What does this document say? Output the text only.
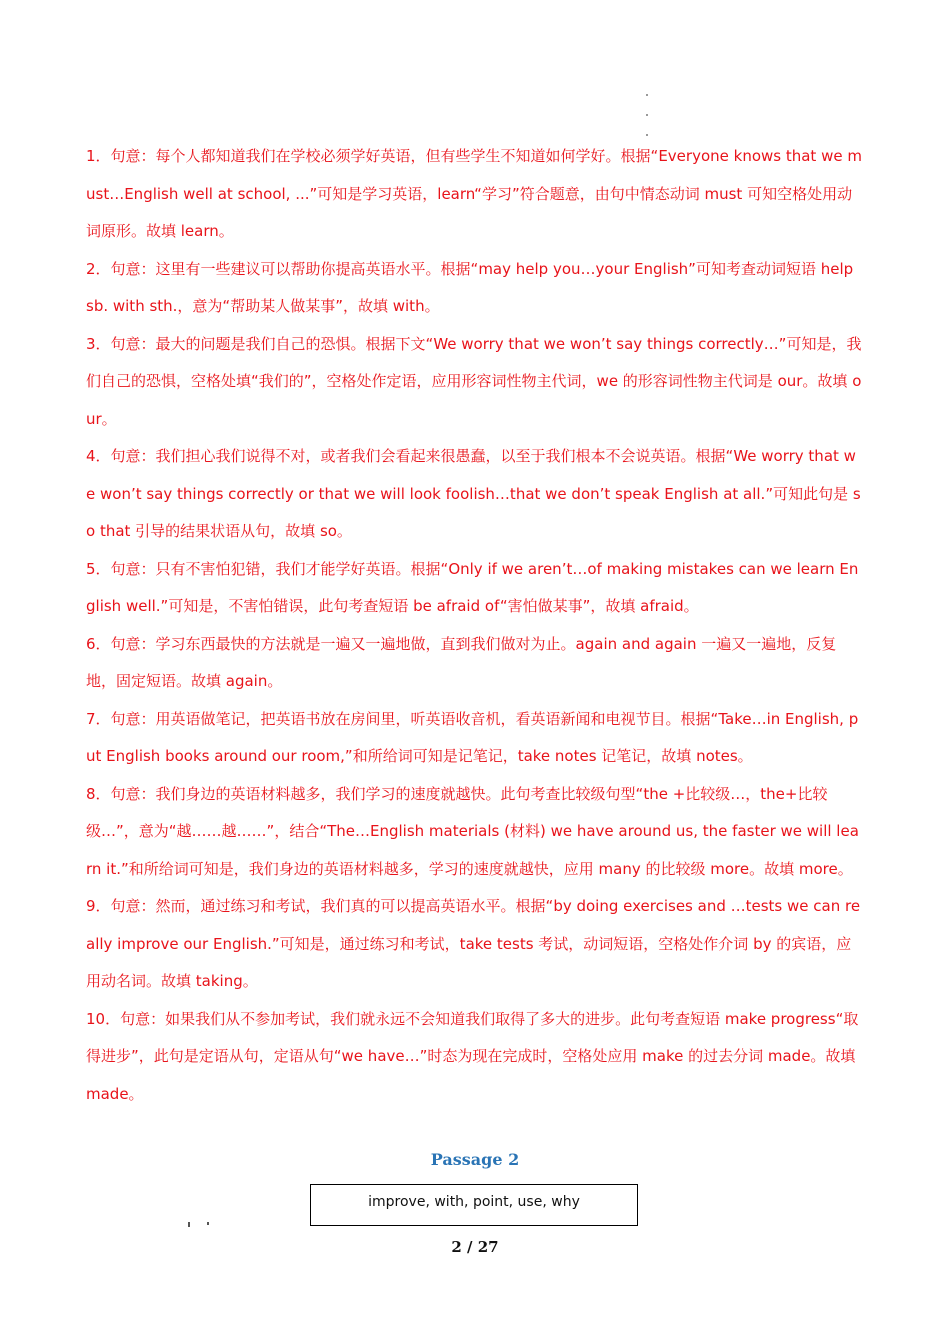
1．句意：每个人都知道我们在学校必须学好英语，但有些学生不知道如何学好。根据“Everyone knows that we must…English well at school, ...”可知是学习英语，learn“学习”符合题意，由句中情态动词 must 可知空格处用动词原形。故填 learn。

2．句意：这里有一些建议可以帮助你提高英语水平。根据“may help you…your English”可知考查动词短语 help sb. with sth.，意为“帮助某人做某事”，故填 with。

3．句意：最大的问题是我们自己的恐惧。根据下文“We worry that we won’t say things correctly…”可知是，我们自己的恐惧，空格处填“我们的”，空格处作定语，应用形容词性物主代词，we 的形容词性物主代词是 our。故填 our。

4．句意：我们担心我们说得不对，或者我们会看起来很愚蠢，以至于我们根本不会说英语。根据“We worry that we won’t say things correctly or that we will look foolish…that we don’t speak English at all.”可知此句是 so that 引导的结果状语从句，故填 so。

5．句意：只有不害怕犯错，我们才能学好英语。根据“Only if we aren’t…of making mistakes can we learn English well.”可知是，不害怕错误，此句考查短语 be afraid of“害怕做某事”，故填 afraid。

6．句意：学习东西最快的方法就是一遍又一遍地做，直到我们做对为止。again and again 一遍又一遍地，反复地，固定短语。故填 again。

7．句意：用英语做笔记，把英语书放在房间里，听英语收音机，看英语新闻和电视节目。根据“Take…in English, put English books around our room,”和所给词可知是记笔记，take notes 记笔记，故填 notes。

8．句意：我们身边的英语材料越多，我们学习的速度就越快。此句考查比较级句型“the +比较级…，the+比较级…”，意为“越……越……”，结合“The…English materials (材料) we have around us, the faster we will learn it.”和所给词可知是，我们身边的英语材料越多，学习的速度就越快，应用 many 的比较级 more。故填 more。

9．句意：然而，通过练习和考试，我们真的可以提高英语水平。根据“by doing exercises and …tests we can really improve our English.”可知是，通过练习和考试，take tests 考试，动词短语，空格处作介词 by 的宾语，应用动名词。故填 taking。

10．句意：如果我们从不参加考试，我们就永远不会知道我们取得了多大的进步。此句考查短语 make progress“取得进步”，此句是定语从句，定语从句“we have…”时态为现在完成时，空格处应用 make 的过去分词 made。故填 made。

Passage 2
improve, with, point, use, why
2 / 27
